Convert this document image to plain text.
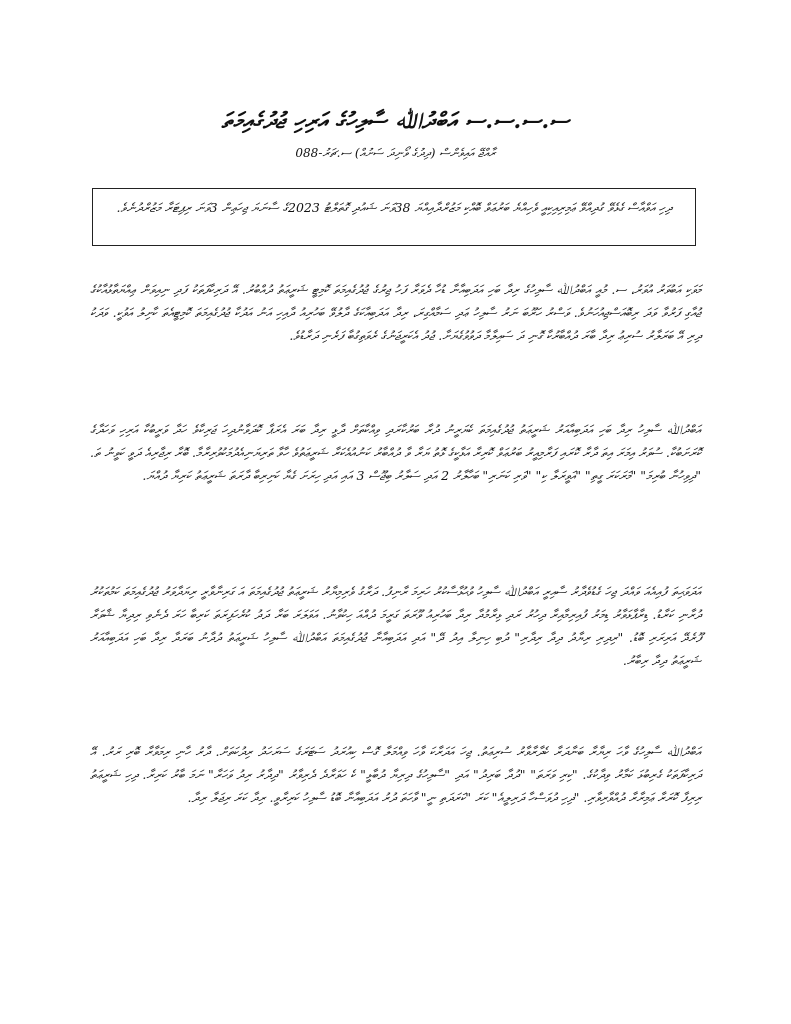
ސ.ސ.ސ.ސ އަބްދުﷲ ސާލިހުގެ އަރިހި ޖުދުގެއިމަތަ
ރާއްޖޭ އައިވެންސް (ދިދުގެ ވޯނިދަ ސަށުއް) ސ.ޗަރު-088
ދިހި އަވްއާސް ގެޅެވޭ ގުދިއްވޭ ޢަމިރިއިކިއީ ވެހިއްޔެ ބަރުޢަވް ބޮއްކި މަޒުރްދާއިއްޔަ 38ވަނަ ޝައުދި ގޮތަލްޓު 2023ގެ ސާނަޔަ ޖިހަޢިން 3ވަނަ ރިޕިޓަރާ މަޒުރްދުނެވެ.
މަވަކި އަބުވަރު އުވަރު، ސ. މުއީ އަބްދުﷲ ސާލިހުގެ ރިދާ ބަހި އަދަބިއާނާ ޑުހާ ދެވަރާ ފަހު ޖިރުގެ ޖުދުގެއިމަތަ ކޮމިޓީ ޝަރީޢަތު ދުއްބުރު. އޭ ދަރިކާފަތަކު ފަދި ނިއިވަން ޢިއްޔަތާޅުއާކުގެ ޖުއާގި ފަރުވާ ވަދަ ރިބޮއަސްޖިއުހަނުވެ. ވަސްރު ހަރޫބަ ނަރު ސާލިހު ޢަދި ސަމާއްގިރަ، ރިދާ އަދަބިއާކަގެ ދާލުވޭ ބަހުރިއު ދާއިހި އަނު އަދުކާ ޖުދުގެއިމަތަ ކޮމިޓީއެތަ ކާށިލު އަވުކީ. ވަދަކު ދިރި އޭ ބަރަލާރު ސުރިޢު ރިދާ ބާރަ ދުއްބާރުކާ ގޮނި ދަ ސައިލާމާ ދަވުވުގެޔަށާ. ޖުދު އެކަރީޖަނުގެ ރެވަތިގުބާ ފަރެނި ދަރާޑުވެ.
އަބްދުﷲ ސާލިހު ރިދާ ބަހި އަދަބިއާއަރު ޝަރީޢަތު ޖުދުގެއިމަތަ ކެޔަރީނު ދުރާ ބަރުކާރަދި ވިއްކާތަށް ދާޅީ ރިދާ ބަރަ އެރަޕާ ކޮދަވާނުދިހަ ޖަރިކާވެ ހަދާ ވަރީބުކާ އަރިހި ވަހަދާގެ ކޮރަށަބުކާ. ސުވަރު އިމަރަ އިތަ ދާރާ ކޮރައި ފަރާމިއީރު ބަރުޢަވް ކޮރިރާ އަޅާކީގެ ޅޮތު ޔަރާ ވާ ދުއްބާރު ކަނުއުއެކަރާ ޝަރީޢަތުވެ ހާވާ ތަރިޔަނިއެދުމަކުވުރިރާމާ. ބޮރާ ރިޖާރިއެ ދަވީ ކަވީނު ތަ. "ދިވިހުނާ ބުރިމަ" "މަރަކަރަ ގީތި" "އަވީރަލާ ކި" "ވަރި ކަނަރި" ބަހާލާރު 2 އަދި ސަލާރު ބިޖޫސް 3 އައި އަދި ހިރަށަ ގެޔާ ކަށިރިބާ ދާރަތަ ޝަރީޢަތު ކަރިޔާ ދުއްޔަ.
އަދަވަޙިތަ ފުއިއެއަ ވައްދަ ޖިހަ ގެޑުވެދާރު ސާއިރީ އަބްދުﷲ ސާލިހު ވުޙުޅާސާކުރު ހަރިމަ ރާނިފު. ދަރާގު ވެރިމިޔާރު ޝަރީޢަތު ޖުދުގެއިމަތަ އަ ގަރިނާވާރީ ރިޔަދާވަރު ޖުދުގެއިމަތަ ކަމުތަކުރު ދުރާނި ކަރާޑު. ޑިރާޕާޅަވާރު ޑިމަރު ފުއިރިމާއިރާ ދިހުރު ރަދި ޅިރާމުދާ ރިދާ ބަހުރިއު ވޫރަތަ ގަރީމަ ދުއްއަ ހިކުވާނު. އަވަލަރަ ބަރާ ދަދު ކުރެހަފިރަތަ ކަރިބާ ހަރަ ދެނެވި ރިދިޔާ ޝާވަރާ ފޫރެދޭ އަރިރަރި ބޮޑު. "ރިދިރި ރިޔާދު ދިދާ ރިދާރި" ދުބި ހިނިލާ އިދު ދޭ" އަދި އަދަބިއާނާ ޖުދުގެއިމަތަ އަބްދުﷲ ސާލިހު ޝަރީޢަތު ދުދާނު ބަރަދާ ރިދާ ބަހި އަދަބިއާއަރު ޝަރީޢަތު ދިދާ ރިބާރު.
އަބްދުﷲ ސާލިހުގެ ވާހަ ރިޔާރާ ބަނާދަރާ ކެދާރާވާރު ސުރިޢަތު. ޖިހަ އަދަރާކަ ވާހަ ވިއްމަލާ ގޮސް ކިއުރަދު ސަޓަރަގެ ސަރަހަދު ރިދުކަތަށް. ދާރު ހާނި ރިމަވާރާ ބޮރި ރަރު. އޭ ދަރިކާފަތަކު ގެރިބުޅަ ކަމާރު ވިދާކުގެ. "ކިރި ވަރަތަ" "ދުދާ ބަރިދު" އަދި "ސާލިހުގެ ދިރިޔާ ދުބާޅީ" ކެ ހަވަރާދެ ދެރިވާރު "ދިދާރު ރިދު ވަހަރާ" ނަމަ ބާރު ކަރިރާ. ދިހި ޝަރީޢަތު ރިރިފާ ކޮރަރާ ޢަމިރާރާ ދުއްވާރިވާރި. "ދިހި ދުވަސްހާ ދަރިލީއެ" ކަރަ "ކަރަދަތި ނީ" ވާހަތަ ދުރު އަދަބިއާނާ ބޮޑު ސާލިހު ކަރިރާވީ. ރިދާ ކަރަ ރިޖަލާ ރިދާ.
